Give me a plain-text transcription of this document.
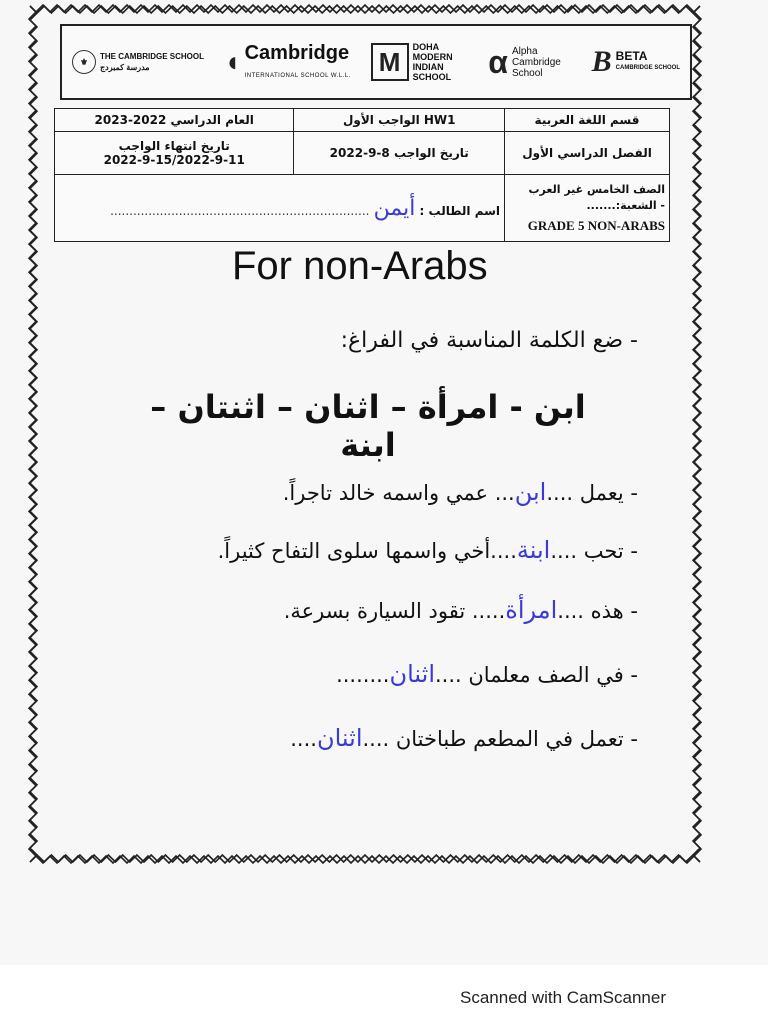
⚜	THE CAMBRIDGE SCHOOL
مدرسة كمبردج	◖ Cambridge
INTERNATIONAL SCHOOL W.L.L.	M	DOHA MODERN INDIAN SCHOOL	α Alpha Cambridge School	B BETA
CAMBRIDGE SCHOOL
قسم اللغة العربية	HW1 الواجب الأول	العام الدراسي 2022-2023
الفصل الدراسي الأول	تاريخ الواجب 8-9-2022	تاريخ انتهاء الواجب
2022-9-15/2022-9-11
الصف الخامس غير العرب
- الشعبة:.......
GRADE 5 NON-ARABS	اسم الطالب : أيمن ....................................................................	
For non-Arabs
- ضع الكلمة المناسبة في الفراغ:
ابن - امرأة – اثنان – اثنتان – ابنة
- يعمل ....ابن... عمي واسمه خالد تاجراً.
- تحب ....ابنة....أخي واسمها سلوى التفاح كثيراً.
- هذه ....امرأة..... تقود السيارة بسرعة.
- في الصف معلمان ....اثنان........
- تعمل في المطعم طباختان ....اثنان....
Scanned with CamScanner
